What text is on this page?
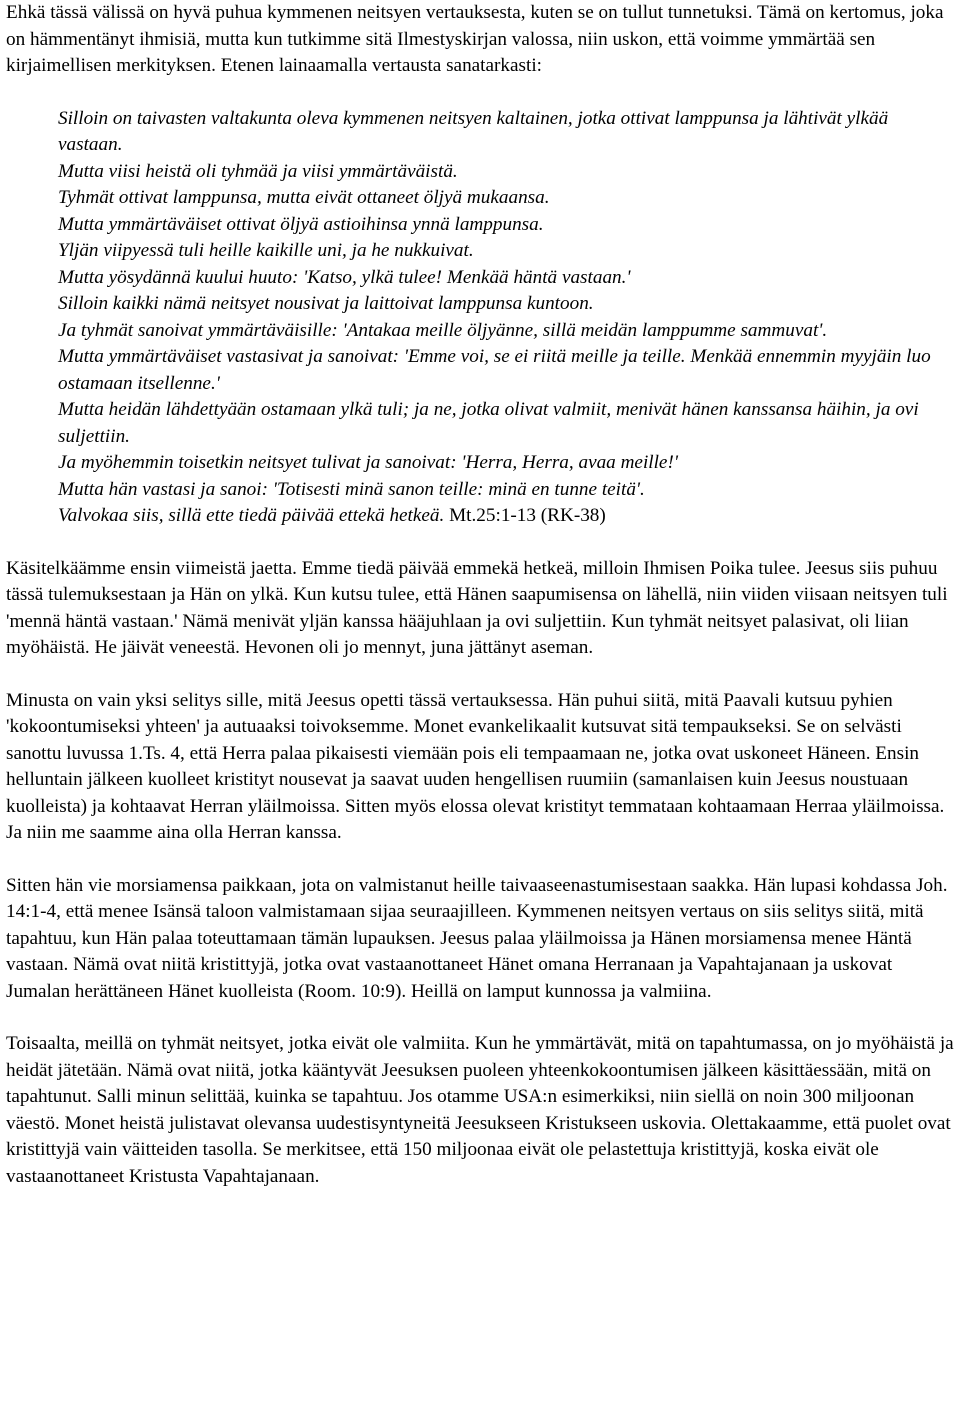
Ehkä tässä välissä on hyvä puhua kymmenen neitsyen vertauksesta, kuten se on tullut tunnetuksi. Tämä on kertomus, joka on hämmentänyt ihmisiä, mutta kun tutkimme sitä Ilmestyskirjan valossa, niin uskon, että voimme ymmärtää sen kirjaimellisen merkityksen. Etenen lainaamalla vertausta sanatarkasti:

Silloin on taivasten valtakunta oleva kymmenen neitsyen kaltainen, jotka ottivat lamppunsa ja lähtivät ylkää vastaan.
Mutta viisi heistä oli tyhmää ja viisi ymmärtäväistä.
Tyhmät ottivat lamppunsa, mutta eivät ottaneet öljyä mukaansa.
Mutta ymmärtäväiset ottivat öljyä astioihinsa ynnä lamppunsa.
Yljän viipyessä tuli heille kaikille uni, ja he nukkuivat.
Mutta yösydännä kuului huuto: 'Katso, ylkä tulee! Menkää häntä vastaan.'
Silloin kaikki nämä neitsyet nousivat ja laittoivat lamppunsa kuntoon.
Ja tyhmät sanoivat ymmärtäväisille: 'Antakaa meille öljyänne, sillä meidän lamppumme sammuvat'.
Mutta ymmärtäväiset vastasivat ja sanoivat: 'Emme voi, se ei riitä meille ja teille. Menkää ennemmin myyjäin luo ostamaan itsellenne.'
Mutta heidän lähdettyään ostamaan ylkä tuli; ja ne, jotka olivat valmiit, menivät hänen kanssansa häihin, ja ovi suljettiin.
Ja myöhemmin toisetkin neitsyet tulivat ja sanoivat: 'Herra, Herra, avaa meille!'
Mutta hän vastasi ja sanoi: 'Totisesti minä sanon teille: minä en tunne teitä'.
Valvokaa siis, sillä ette tiedä päivää ettekä hetkeä. Mt.25:1-13 (RK-38)

Käsitelkäämme ensin viimeistä jaetta. Emme tiedä päivää emmekä hetkeä, milloin Ihmisen Poika tulee. Jeesus siis puhuu tässä tulemuksestaan ja Hän on ylkä. Kun kutsu tulee, että Hänen saapumisensa on lähellä, niin viiden viisaan neitsyen tuli 'mennä häntä vastaan.' Nämä menivät yljän kanssa hääjuhlaan ja ovi suljettiin. Kun tyhmät neitsyet palasivat, oli liian myöhäistä. He jäivät veneestä. Hevonen oli jo mennyt, juna jättänyt aseman.

Minusta on vain yksi selitys sille, mitä Jeesus opetti tässä vertauksessa. Hän puhui siitä, mitä Paavali kutsuu pyhien 'kokoontumiseksi yhteen' ja autuaaksi toivoksemme. Monet evankelikaalit kutsuvat sitä tempaukseksi. Se on selvästi sanottu luvussa 1.Ts. 4, että Herra palaa pikaisesti viemään pois eli tempaamaan ne, jotka ovat uskoneet Häneen. Ensin helluntain jälkeen kuolleet kristityt nousevat ja saavat uuden hengellisen ruumiin (samanlaisen kuin Jeesus noustuaan kuolleista) ja kohtaavat Herran yläilmoissa. Sitten myös elossa olevat kristityt temmataan kohtaamaan Herraa yläilmoissa. Ja niin me saamme aina olla Herran kanssa.

Sitten hän vie morsiamensa paikkaan, jota on valmistanut heille taivaaseenastumisestaan saakka. Hän lupasi kohdassa Joh. 14:1-4, että menee Isänsä taloon valmistamaan sijaa seuraajilleen. Kymmenen neitsyen vertaus on siis selitys siitä, mitä tapahtuu, kun Hän palaa toteuttamaan tämän lupauksen. Jeesus palaa yläilmoissa ja Hänen morsiamensa menee Häntä vastaan. Nämä ovat niitä kristittyjä, jotka ovat vastaanottaneet Hänet omana Herranaan ja Vapahtajanaan ja uskovat Jumalan herättäneen Hänet kuolleista (Room. 10:9). Heillä on lamput kunnossa ja valmiina.

Toisaalta, meillä on tyhmät neitsyet, jotka eivät ole valmiita. Kun he ymmärtävät, mitä on tapahtumassa, on jo myöhäistä ja heidät jätetään. Nämä ovat niitä, jotka kääntyvät Jeesuksen puoleen yhteenkokoontumisen jälkeen käsittäessään, mitä on tapahtunut. Salli minun selittää, kuinka se tapahtuu. Jos otamme USA:n esimerkiksi, niin siellä on noin 300 miljoonan väestö. Monet heistä julistavat olevansa uudestisyntyneitä Jeesukseen Kristukseen uskovia. Olettakaamme, että puolet ovat kristittyjä vain väitteiden tasolla. Se merkitsee, että 150 miljoonaa eivät ole pelastettuja kristittyjä, koska eivät ole vastaanottaneet Kristusta Vapahtajanaan.
